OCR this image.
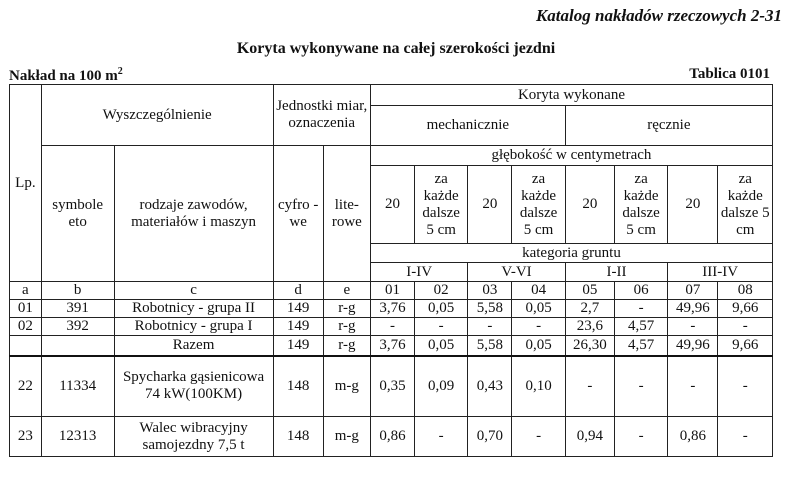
Katalog nakładów rzeczowych 2-31
Koryta wykonywane na całej szerokości jezdni
Nakład na 100 $m^2$	Tablica 0101
Lp.	Wyszczególnienie		Jednostki miar, oznaczenia		Koryta wykonane							
					mechanicznie				ręcznie			
	symbole eto	rodzaje zawodów, materiałów i maszyn	cyfro - we	lite- rowe	głębokość w centymetrach							
					20	za każde dalsze 5 cm	20	za każde dalsze 5 cm	20	za każde dalsze 5 cm	20	za każde dalsze 5 cm
					kategoria gruntu							
					I-IV		V-VI		I-II		III-IV	
a	b	c	d	e	01	02	03	04	05	06	07	08
01	391	Robotnicy - grupa II	149	r-g	3,76	0,05	5,58	0,05	2,7	-	49,96	9,66
02	392	Robotnicy - grupa I	149	r-g	-	-	-	-	23,6	4,57	-	-
		Razem	149	r-g	3,76	0,05	5,58	0,05	26,30	4,57	49,96	9,66
22	11334	Spycharka gąsienicowa 74 kW(100KM)	148	m-g	0,35	0,09	0,43	0,10	-	-	-	-
23	12313	Walec wibracyjny samojezdny 7,5 t	148	m-g	0,86	-	0,70	-	0,94	-	0,86	-
